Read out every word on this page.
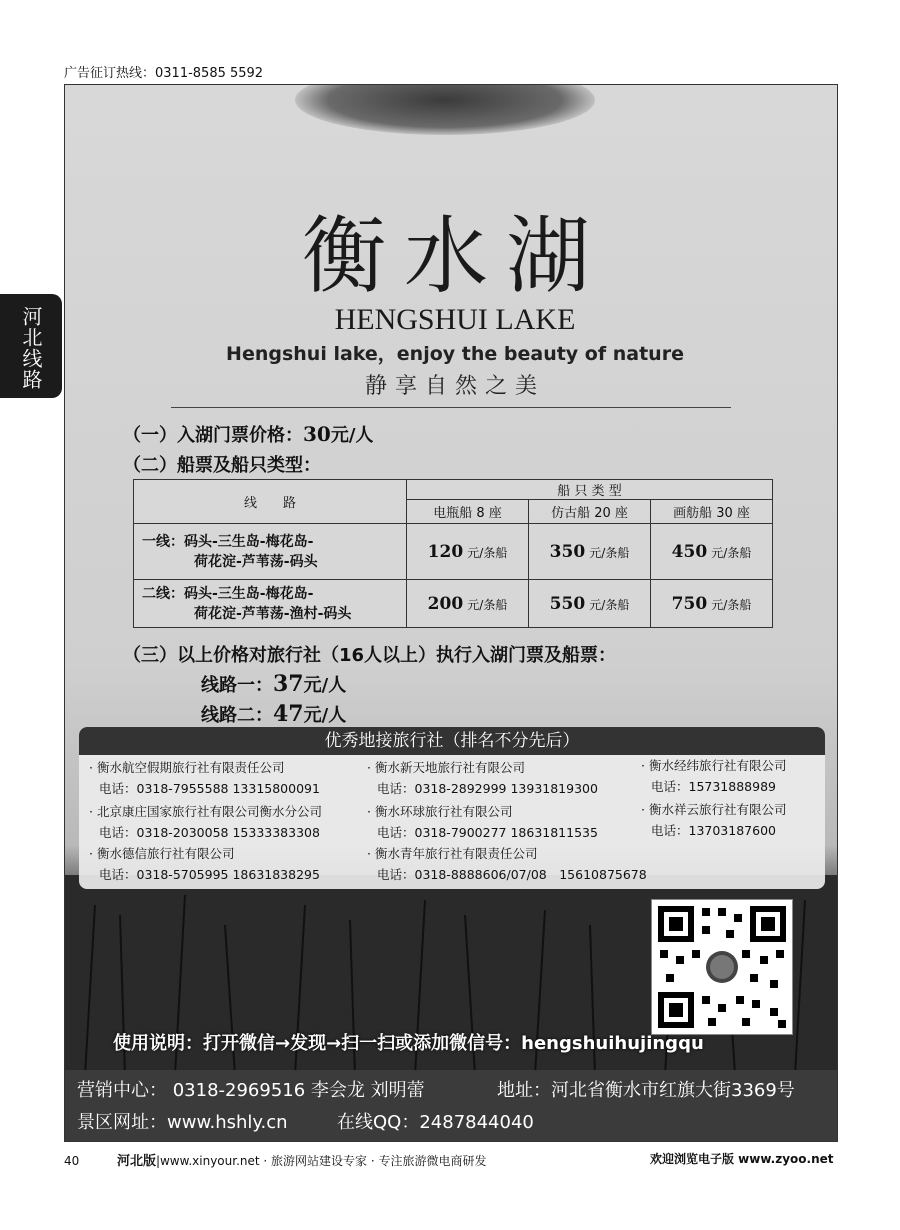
广告征订热线：0311-8585 5592
河北线路
衡水湖
HENGSHUI LAKE
Hengshui lake，enjoy the beauty of nature
静享自然之美
（一）入湖门票价格：30元/人
（二）船票及船只类型：
线　　路	船 只 类 型		
	电瓶船 8 座	仿古船 20 座	画舫船 30 座

一线：码头-三生岛-梅花岛-
荷花淀-芦苇荡-码头	120 元/条船	350 元/条船	450 元/条船

二线：码头-三生岛-梅花岛-
荷花淀-芦苇荡-渔村-码头	200 元/条船	550 元/条船	750 元/条船
（三）以上价格对旅行社（16人以上）执行入湖门票及船票：
线路一：37元/人
线路二：47元/人
优秀地接旅行社（排名不分先后）
· 衡水航空假期旅行社有限责任公司
电话：0318-7955588 13315800091
· 北京康庄国家旅行社有限公司衡水分公司
电话：0318-2030058 15333383308
· 衡水德信旅行社有限公司
电话：0318-5705995 18631838295
· 衡水新天地旅行社有限公司
电话：0318-2892999 13931819300
· 衡水环球旅行社有限公司
电话：0318-7900277 18631811535
· 衡水青年旅行社有限责任公司
电话：0318-8888606/07/08　15610875678
· 衡水经纬旅行社有限公司
电话：15731888989
· 衡水祥云旅行社有限公司
电话：13703187600
使用说明：打开微信→发现→扫一扫或添加微信号：hengshuihujingqu
营销中心： 0318-2969516 李会龙 刘明蕾	地址：河北省衡水市红旗大街3369号
景区网址：www.hshly.cn	在线QQ：2487844040
40	河北版|www.xinyour.net · 旅游网站建设专家 · 专注旅游微电商研发	欢迎浏览电子版 www.zyoo.net
